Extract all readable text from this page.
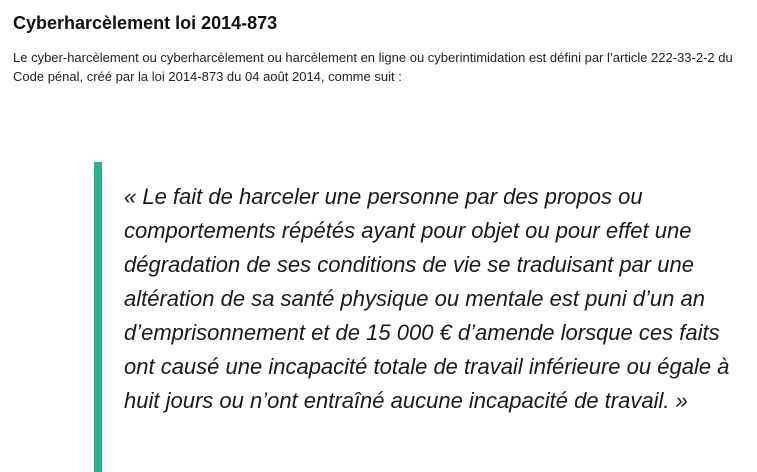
Cyberharcèlement loi 2014-873

Le cyber-harcèlement ou cyberharcèlement ou harcèlement en ligne ou cyberintimidation est défini par l’article 222-33-2-2 du Code pénal, créé par la loi 2014-873 du 04 août 2014, comme suit :

« Le fait de harceler une personne par des propos ou comportements répétés ayant pour objet ou pour effet une dégradation de ses conditions de vie se traduisant par une altération de sa santé physique ou mentale est puni d’un an d’emprisonnement et de 15 000 € d’amende lorsque ces faits ont causé une incapacité totale de travail inférieure ou égale à huit jours ou n’ont entraîné aucune incapacité de travail. »
